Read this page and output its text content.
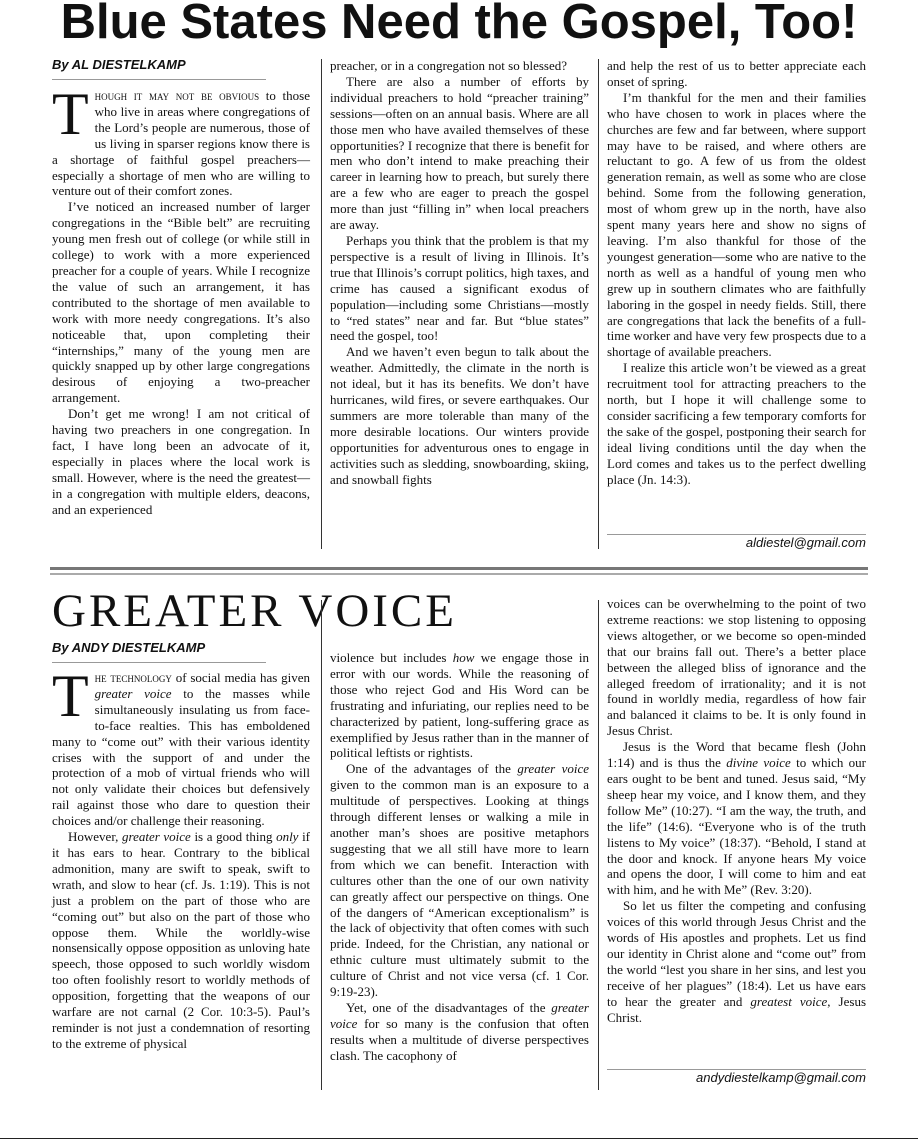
Blue States Need the Gospel, Too!
By AL DIESTELKAMP

Though it may not be obvious to those who live in areas where congregations of the Lord’s people are numerous, those of us living in sparser regions know there is a shortage of faithful gospel preachers—especially a shortage of men who are willing to venture out of their comfort zones.

I’ve noticed an increased number of larger congregations in the “Bible belt” are recruiting young men fresh out of college (or while still in college) to work with a more experienced preacher for a couple of years. While I recognize the value of such an arrangement, it has contributed to the shortage of men available to work with more needy congregations. It’s also noticeable that, upon completing their “internships,” many of the young men are quickly snapped up by other large congregations desirous of enjoying a two-preacher arrangement.

Don’t get me wrong! I am not critical of having two preachers in one congregation. In fact, I have long been an advocate of it, especially in places where the local work is small. However, where is the need the greatest—in a congregation with multiple elders, deacons, and an experienced

preacher, or in a congregation not so blessed?

There are also a number of efforts by individual preachers to hold “preacher training” sessions—often on an annual basis. Where are all those men who have availed themselves of these opportunities? I recognize that there is benefit for men who don’t intend to make preaching their career in learning how to preach, but surely there are a few who are eager to preach the gospel more than just “filling in” when local preachers are away.

Perhaps you think that the problem is that my perspective is a result of living in Illinois. It’s true that Illinois’s corrupt politics, high taxes, and crime has caused a significant exodus of population—including some Christians—mostly to “red states” near and far. But “blue states” need the gospel, too!

And we haven’t even begun to talk about the weather. Admittedly, the climate in the north is not ideal, but it has its benefits. We don’t have hurricanes, wild fires, or severe earthquakes. Our summers are more tolerable than many of the more desirable locations. Our winters provide opportunities for adventurous ones to engage in activities such as sledding, snowboarding, skiing, and snowball fights

and help the rest of us to better appreciate each onset of spring.

I’m thankful for the men and their families who have chosen to work in places where the churches are few and far between, where support may have to be raised, and where others are reluctant to go. A few of us from the oldest generation remain, as well as some who are close behind. Some from the following generation, most of whom grew up in the north, have also spent many years here and show no signs of leaving. I’m also thankful for those of the youngest generation—some who are native to the north as well as a handful of young men who grew up in southern climates who are faithfully laboring in the gospel in needy fields. Still, there are congregations that lack the benefits of a full-time worker and have very few prospects due to a shortage of available preachers.

I realize this article won’t be viewed as a great recruitment tool for attracting preachers to the north, but I hope it will challenge some to consider sacrificing a few temporary comforts for the sake of the gospel, postponing their search for ideal living conditions until the day when the Lord comes and takes us to the perfect dwelling place (Jn. 14:3).

aldiestel@gmail.com
GREATER VOICE
By ANDY DIESTELKAMP

The technology of social media has given greater voice to the masses while simultaneously insulating us from face-to-face realties. This has emboldened many to “come out” with their various identity crises with the support of and under the protection of a mob of virtual friends who will not only validate their choices but defensively rail against those who dare to question their choices and/or challenge their reasoning.

However, greater voice is a good thing only if it has ears to hear. Contrary to the biblical admonition, many are swift to speak, swift to wrath, and slow to hear (cf. Js. 1:19). This is not just a problem on the part of those who are “coming out” but also on the part of those who oppose them. While the worldly-wise nonsensically oppose opposition as unloving hate speech, those opposed to such worldly wisdom too often foolishly resort to worldly methods of opposition, forgetting that the weapons of our warfare are not carnal (2 Cor. 10:3-5). Paul’s reminder is not just a condemnation of resorting to the extreme of physical

violence but includes how we engage those in error with our words. While the reasoning of those who reject God and His Word can be frustrating and infuriating, our replies need to be characterized by patient, long-suffering grace as exemplified by Jesus rather than in the manner of political leftists or rightists.

One of the advantages of the greater voice given to the common man is an exposure to a multitude of perspectives. Looking at things through different lenses or walking a mile in another man’s shoes are positive metaphors suggesting that we all still have more to learn from which we can benefit. Interaction with cultures other than the one of our own nativity can greatly affect our perspective on things. One of the dangers of “American exceptionalism” is the lack of objectivity that often comes with such pride. Indeed, for the Christian, any national or ethnic culture must ultimately submit to the culture of Christ and not vice versa (cf. 1 Cor. 9:19-23).

Yet, one of the disadvantages of the greater voice for so many is the confusion that often results when a multitude of diverse perspectives clash. The cacophony of

voices can be overwhelming to the point of two extreme reactions: we stop listening to opposing views altogether, or we become so open-minded that our brains fall out. There’s a better place between the alleged bliss of ignorance and the alleged freedom of irrationality; and it is not found in worldly media, regardless of how fair and balanced it claims to be. It is only found in Jesus Christ.

Jesus is the Word that became flesh (John 1:14) and is thus the divine voice to which our ears ought to be bent and tuned. Jesus said, “My sheep hear my voice, and I know them, and they follow Me” (10:27). “I am the way, the truth, and the life” (14:6). “Everyone who is of the truth listens to My voice” (18:37). “Behold, I stand at the door and knock. If anyone hears My voice and opens the door, I will come to him and eat with him, and he with Me” (Rev. 3:20).

So let us filter the competing and confusing voices of this world through Jesus Christ and the words of His apostles and prophets. Let us find our identity in Christ alone and “come out” from the world “lest you share in her sins, and lest you receive of her plagues” (18:4). Let us have ears to hear the greater and greatest voice, Jesus Christ.

andydiestelkamp@gmail.com
